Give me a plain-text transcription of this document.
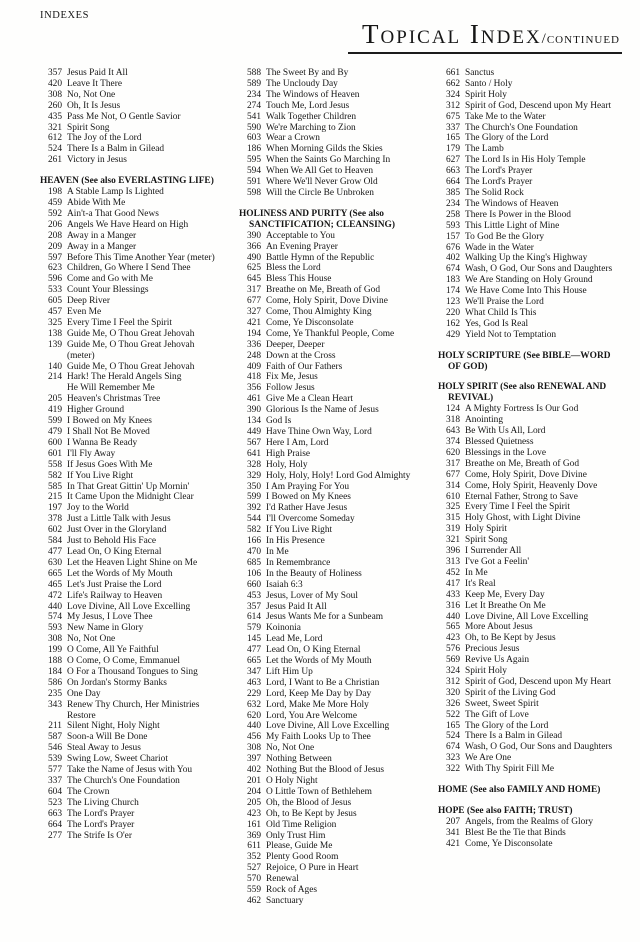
INDEXES
Topical Index/continued
357 Jesus Paid It All
420 Leave It There
308 No, Not One
260 Oh, It Is Jesus
435 Pass Me Not, O Gentle Savior
321 Spirit Song
612 The Joy of the Lord
524 There Is a Balm in Gilead
261 Victory in Jesus
HEAVEN (See also EVERLASTING LIFE)
198 A Stable Lamp Is Lighted
459 Abide With Me
592 Ain't-a That Good News
206 Angels We Have Heard on High
208 Away in a Manger
209 Away in a Manger
597 Before This Time Another Year (meter)
623 Children, Go Where I Send Thee
596 Come and Go with Me
533 Count Your Blessings
605 Deep River
457 Even Me
325 Every Time I Feel the Spirit
138 Guide Me, O Thou Great Jehovah
139 Guide Me, O Thou Great Jehovah (meter)
140 Guide Me, O Thou Great Jehovah
214 Hark! The Herald Angels Sing
He Will Remember Me
205 Heaven's Christmas Tree
419 Higher Ground
599 I Bowed on My Knees
479 I Shall Not Be Moved
600 I Wanna Be Ready
601 I'll Fly Away
558 If Jesus Goes With Me
582 If You Live Right
585 In That Great Gittin' Up Mornin'
215 It Came Upon the Midnight Clear
197 Joy to the World
378 Just a Little Talk with Jesus
602 Just Over in the Gloryland
584 Just to Behold His Face
477 Lead On, O King Eternal
630 Let the Heaven Light Shine on Me
665 Let the Words of My Mouth
465 Let's Just Praise the Lord
472 Life's Railway to Heaven
440 Love Divine, All Love Excelling
574 My Jesus, I Love Thee
593 New Name in Glory
308 No, Not One
199 O Come, All Ye Faithful
188 O Come, O Come, Emmanuel
184 O For a Thousand Tongues to Sing
586 On Jordan's Stormy Banks
235 One Day
343 Renew Thy Church, Her Ministries Restore
211 Silent Night, Holy Night
587 Soon-a Will Be Done
546 Steal Away to Jesus
539 Swing Low, Sweet Chariot
577 Take the Name of Jesus with You
337 The Church's One Foundation
604 The Crown
523 The Living Church
663 The Lord's Prayer
664 The Lord's Prayer
277 The Strife Is O'er
588 The Sweet By and By
589 The Uncloudy Day
234 The Windows of Heaven
274 Touch Me, Lord Jesus
541 Walk Together Children
590 We're Marching to Zion
603 Wear a Crown
186 When Morning Gilds the Skies
595 When the Saints Go Marching In
594 When We All Get to Heaven
591 Where We'll Never Grow Old
598 Will the Circle Be Unbroken
HOLINESS AND PURITY (See also SANCTIFICATION; CLEANSING)
390 Acceptable to You
366 An Evening Prayer
490 Battle Hymn of the Republic
625 Bless the Lord
645 Bless This House
317 Breathe on Me, Breath of God
677 Come, Holy Spirit, Dove Divine
327 Come, Thou Almighty King
421 Come, Ye Disconsolate
194 Come, Ye Thankful People, Come
336 Deeper, Deeper
248 Down at the Cross
409 Faith of Our Fathers
418 Fix Me, Jesus
356 Follow Jesus
461 Give Me a Clean Heart
390 Glorious Is the Name of Jesus
134 God Is
449 Have Thine Own Way, Lord
567 Here I Am, Lord
641 High Praise
328 Holy, Holy
329 Holy, Holy, Holy! Lord God Almighty
350 I Am Praying For You
599 I Bowed on My Knees
392 I'd Rather Have Jesus
544 I'll Overcome Someday
582 If You Live Right
166 In His Presence
470 In Me
685 In Remembrance
106 In the Beauty of Holiness
660 Isaiah 6:3
453 Jesus, Lover of My Soul
357 Jesus Paid It All
614 Jesus Wants Me for a Sunbeam
579 Koinonia
145 Lead Me, Lord
477 Lead On, O King Eternal
665 Let the Words of My Mouth
347 Lift Him Up
463 Lord, I Want to Be a Christian
229 Lord, Keep Me Day by Day
632 Lord, Make Me More Holy
620 Lord, You Are Welcome
440 Love Divine, All Love Excelling
456 My Faith Looks Up to Thee
308 No, Not One
397 Nothing Between
402 Nothing But the Blood of Jesus
201 O Holy Night
204 O Little Town of Bethlehem
205 Oh, the Blood of Jesus
423 Oh, to Be Kept by Jesus
161 Old Time Religion
369 Only Trust Him
611 Please, Guide Me
352 Plenty Good Room
527 Rejoice, O Pure in Heart
570 Renewal
559 Rock of Ages
462 Sanctuary
661 Sanctus
662 Santo / Holy
324 Spirit Holy
312 Spirit of God, Descend upon My Heart
675 Take Me to the Water
337 The Church's One Foundation
165 The Glory of the Lord
179 The Lamb
627 The Lord Is in His Holy Temple
663 The Lord's Prayer
664 The Lord's Prayer
385 The Solid Rock
234 The Windows of Heaven
258 There Is Power in the Blood
593 This Little Light of Mine
157 To God Be the Glory
676 Wade in the Water
402 Walking Up the King's Highway
674 Wash, O God, Our Sons and Daughters
183 We Are Standing on Holy Ground
174 We Have Come Into This House
123 We'll Praise the Lord
220 What Child Is This
162 Yes, God Is Real
429 Yield Not to Temptation
HOLY SCRIPTURE (See BIBLE—WORD OF GOD)
HOLY SPIRIT (See also RENEWAL AND REVIVAL)
124 A Mighty Fortress Is Our God
318 Anointing
643 Be With Us All, Lord
374 Blessed Quietness
620 Blessings in the Love
317 Breathe on Me, Breath of God
677 Come, Holy Spirit, Dove Divine
314 Come, Holy Spirit, Heavenly Dove
610 Eternal Father, Strong to Save
325 Every Time I Feel the Spirit
315 Holy Ghost, with Light Divine
319 Holy Spirit
321 Spirit Song
396 I Surrender All
313 I've Got a Feelin'
452 In Me
417 It's Real
433 Keep Me, Every Day
316 Let It Breathe On Me
440 Love Divine, All Love Excelling
565 More About Jesus
423 Oh, to Be Kept by Jesus
576 Precious Jesus
569 Revive Us Again
324 Spirit Holy
312 Spirit of God, Descend upon My Heart
320 Spirit of the Living God
326 Sweet, Sweet Spirit
522 The Gift of Love
165 The Glory of the Lord
524 There Is a Balm in Gilead
674 Wash, O God, Our Sons and Daughters
323 We Are One
322 With Thy Spirit Fill Me
HOME (See also FAMILY AND HOME)
HOPE (See also FAITH; TRUST)
207 Angels, from the Realms of Glory
341 Blest Be the Tie that Binds
421 Come, Ye Disconsolate
